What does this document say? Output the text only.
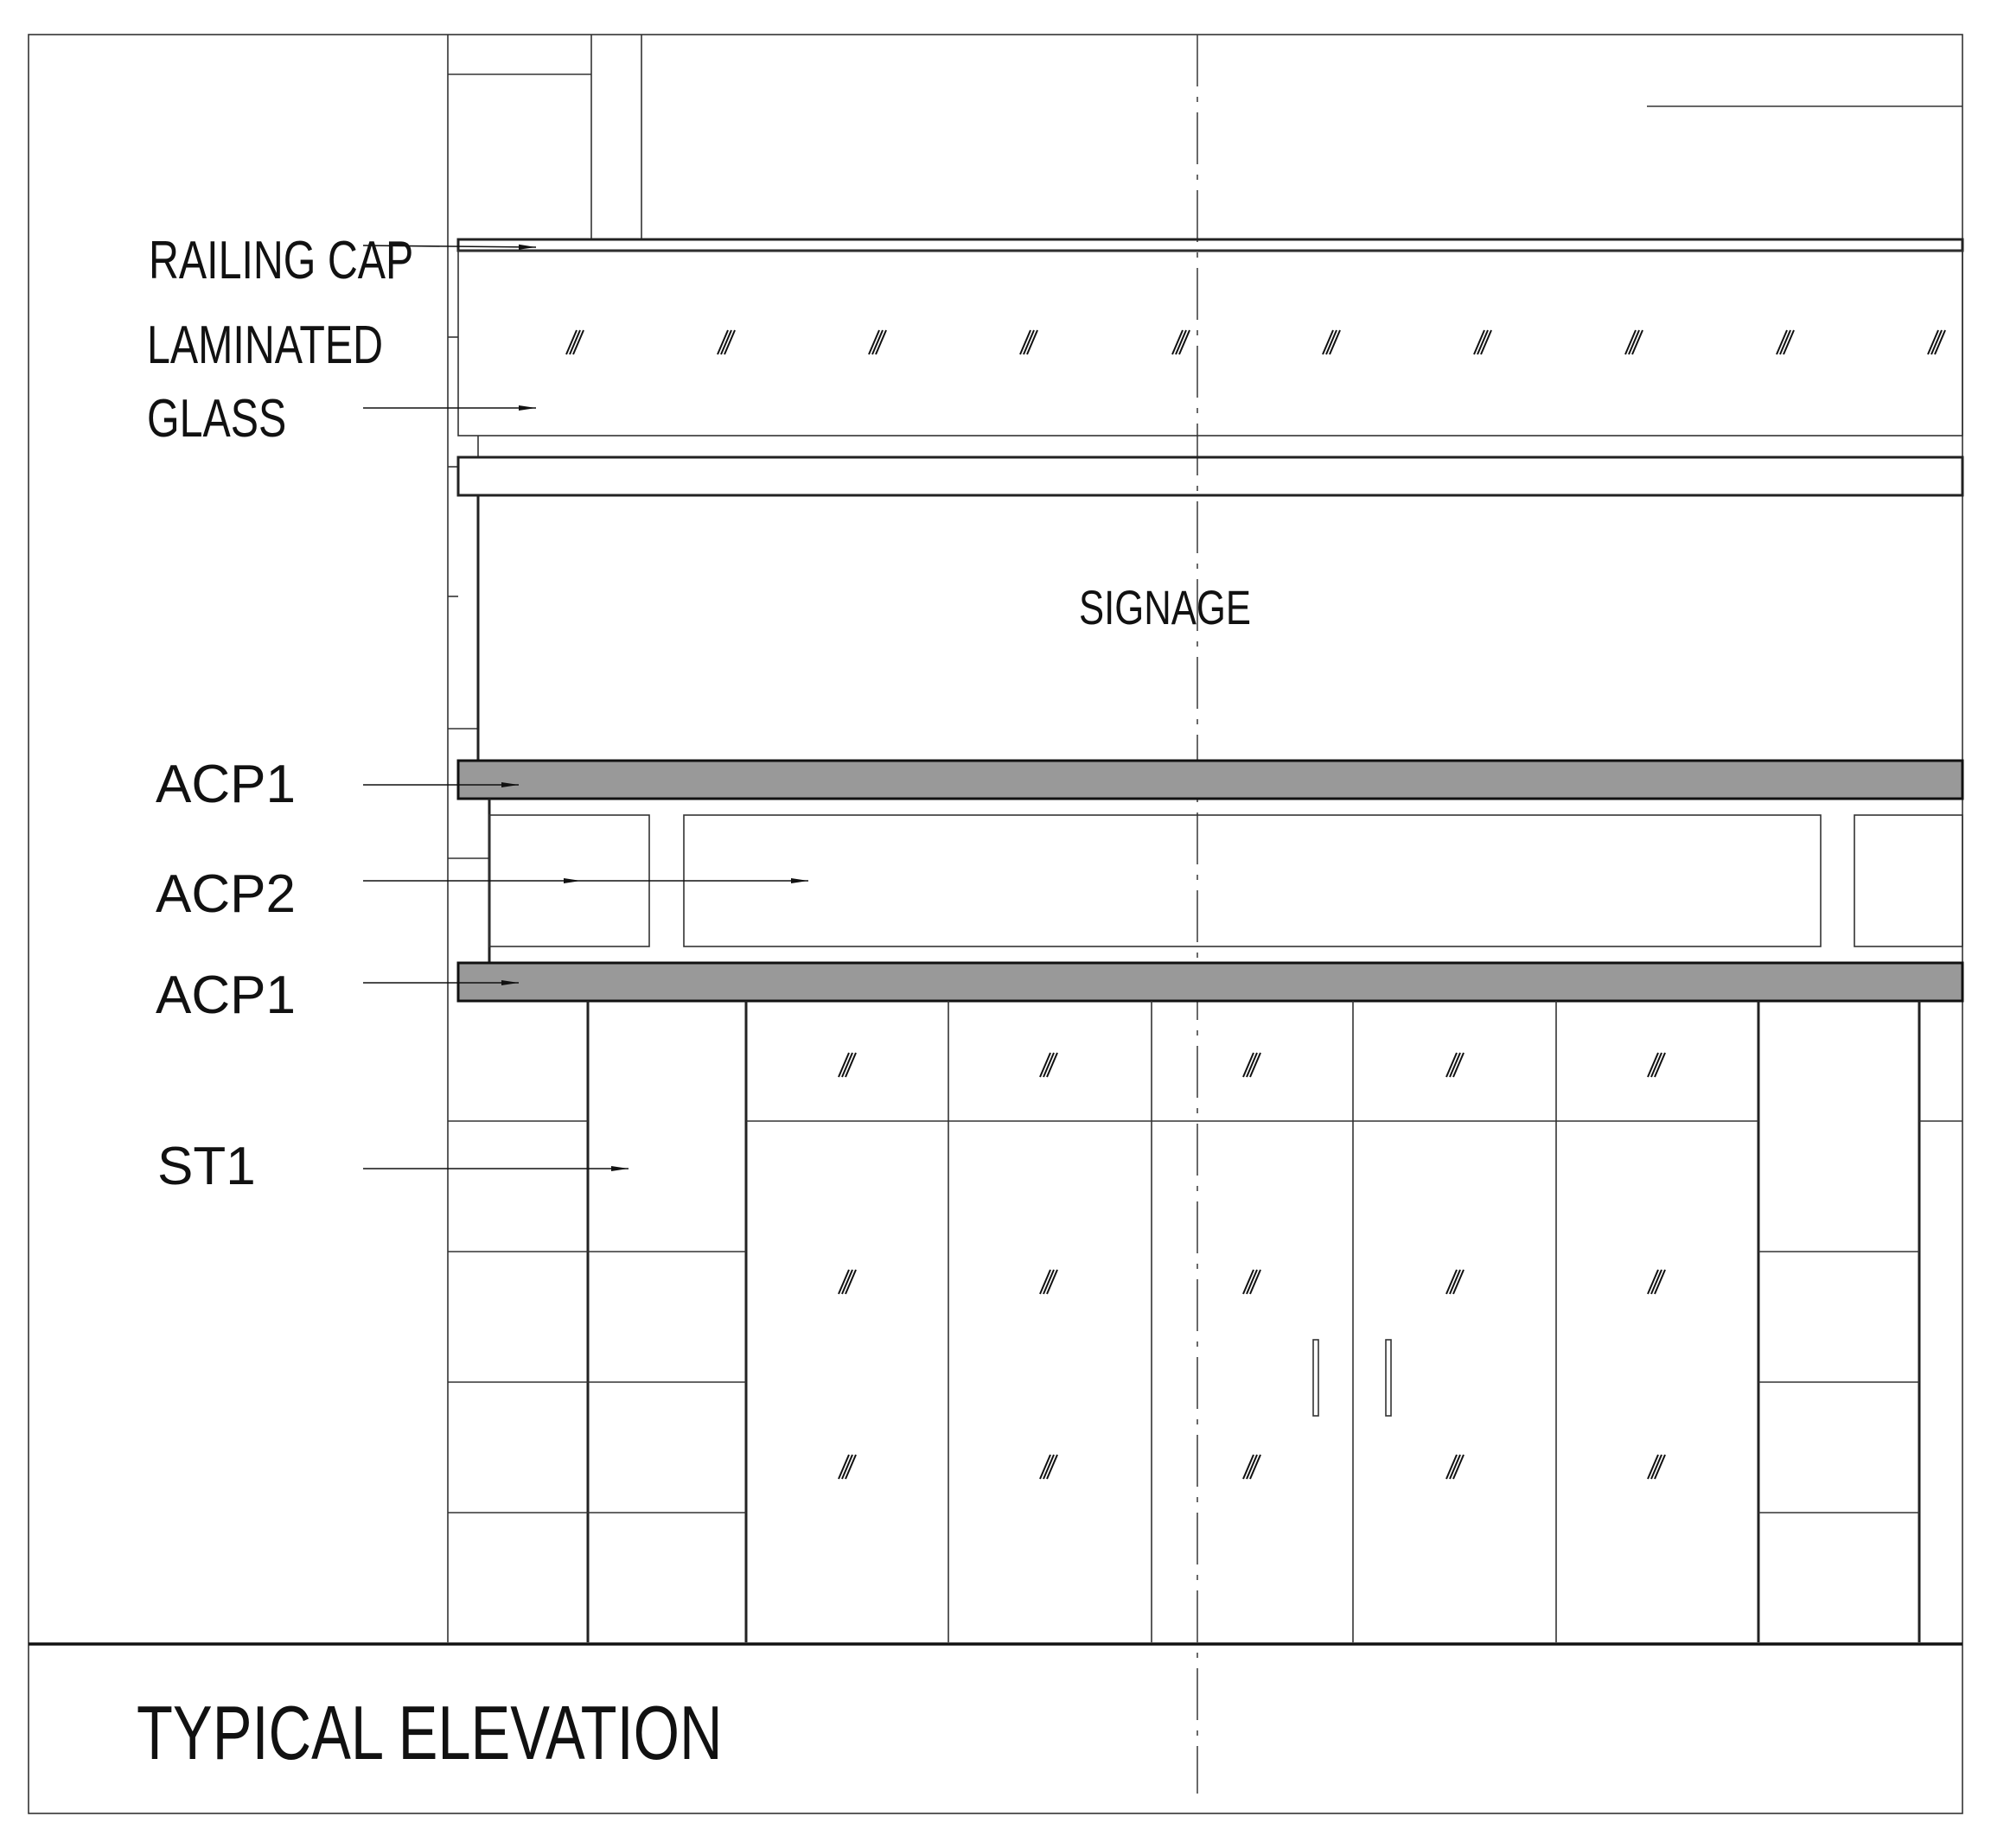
RAILING CAP
LAMINATED
GLASS
SIGNAGE
ACP1
ACP2
ACP1
ST1
TYPICAL ELEVATION
